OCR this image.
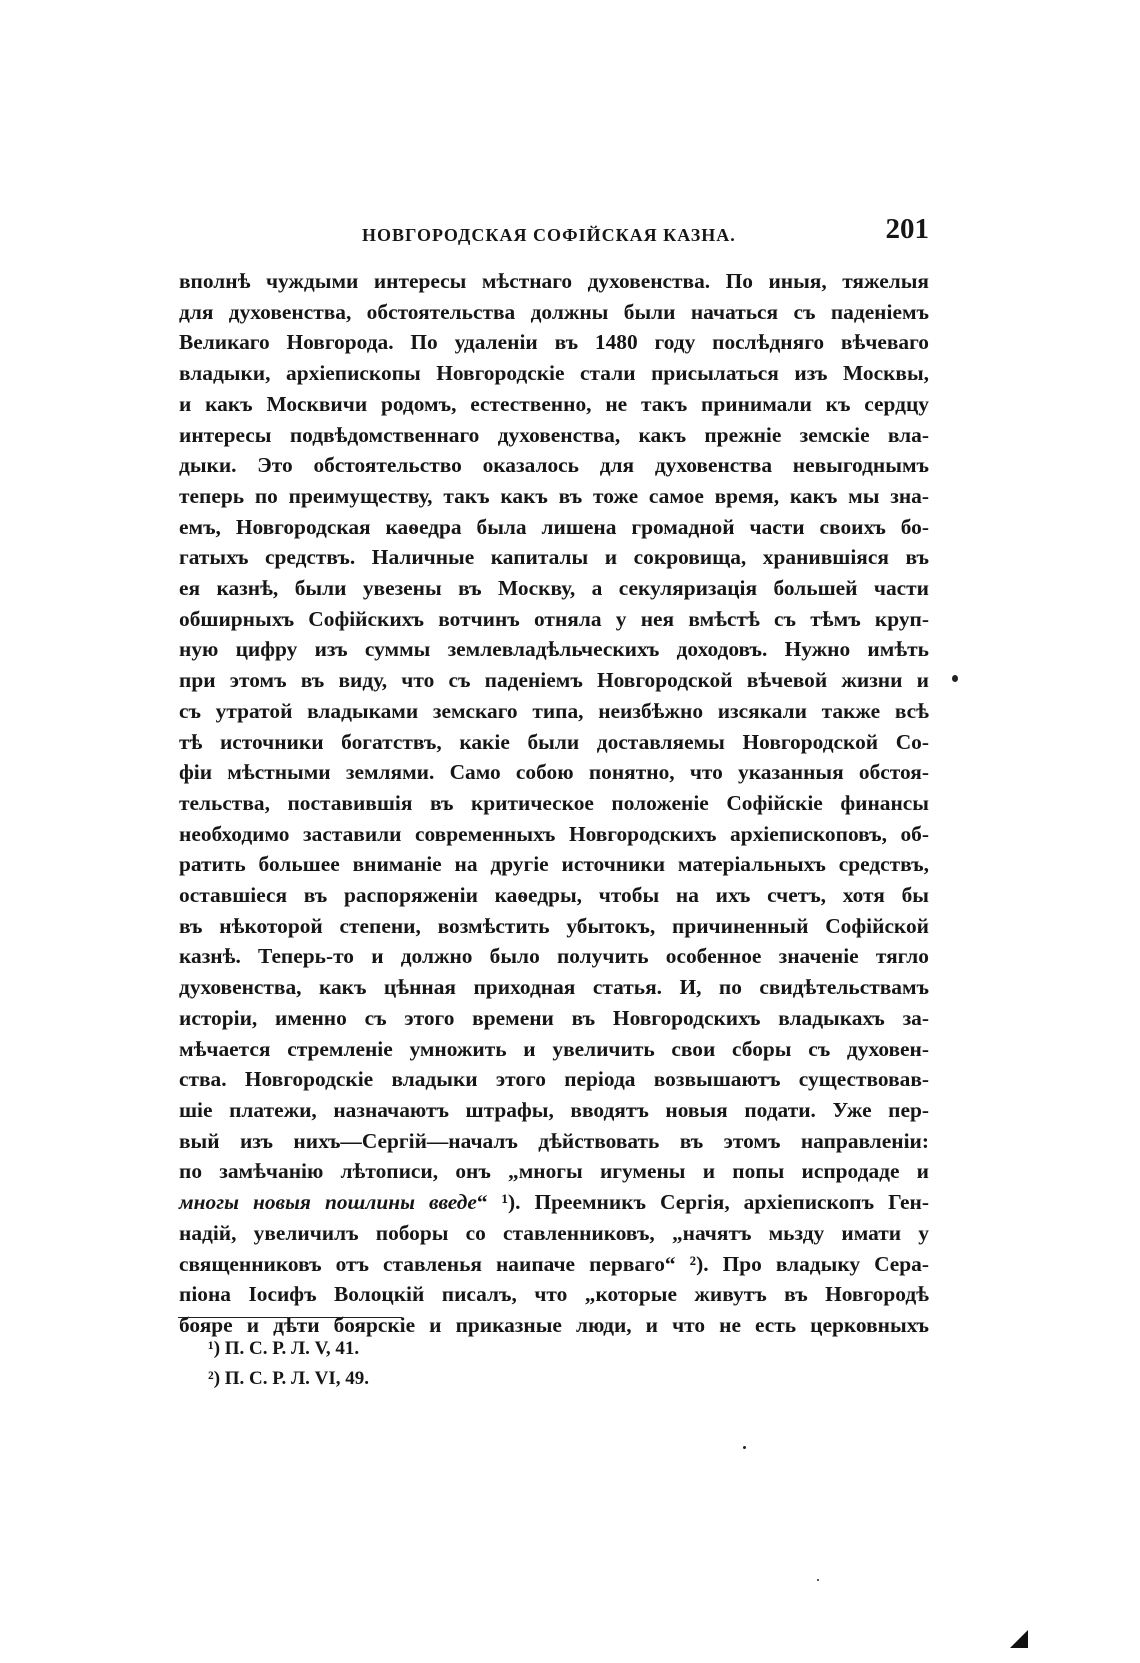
НОВГОРОДСКАЯ СОФІЙСКАЯ КАЗНА.	201
вполнѣ чуждыми интересы мѣстнаго духовенства. По иныя, тяжелыя
для духовенства, обстоятельства должны были начаться съ паденіемъ
Великаго Новгорода. По удаленіи въ 1480 году послѣдняго вѣчеваго
владыки, архіепископы Новгородскіе стали присылаться изъ Москвы,
и какъ Москвичи родомъ, естественно, не такъ принимали къ сердцу
интересы подвѣдомственнаго духовенства, какъ прежніе земскіе вла-
дыки. Это обстоятельство оказалось для духовенства невыгоднымъ
теперь по преимуществу, такъ какъ въ тоже самое время, какъ мы зна-
емъ, Новгородская каѳедра была лишена громадной части своихъ бо-
гатыхъ средствъ. Наличные капиталы и сокровища, хранившіяся въ
ея казнѣ, были увезены въ Москву, а секуляризація большей части
обширныхъ Софійскихъ вотчинъ отняла у нея вмѣстѣ съ тѣмъ круп-
ную цифру изъ суммы землевладѣльческихъ доходовъ. Нужно имѣть
при этомъ въ виду, что съ паденіемъ Новгородской вѣчевой жизни и
съ утратой владыками земскаго типа, неизбѣжно изсякали также всѣ
тѣ источники богатствъ, какіе были доставляемы Новгородской Со-
фіи мѣстными землями. Само собою понятно, что указанныя обстоя-
тельства, поставившія въ критическое положеніе Софійскіе финансы
необходимо заставили современныхъ Новгородскихъ архіепископовъ, об-
ратить большее вниманіе на другіе источники матеріальныхъ средствъ,
оставшіеся въ распоряженіи каѳедры, чтобы на ихъ счетъ, хотя бы
въ нѣкоторой степени, возмѣстить убытокъ, причиненный Софійской
казнѣ. Теперь-то и должно было получить особенное значеніе тягло
духовенства, какъ цѣнная приходная статья. И, по свидѣтельствамъ
исторіи, именно съ этого времени въ Новгородскихъ владыкахъ за-
мѣчается стремленіе умножить и увеличить свои сборы съ духовен-
ства. Новгородскіе владыки этого періода возвышаютъ существовав-
шіе платежи, назначаютъ штрафы, вводятъ новыя подати. Уже пер-
вый изъ нихъ—Сергій—началъ дѣйствовать въ этомъ направленіи:
по замѣчанію лѣтописи, онъ „многы игумены и попы испродаде и
многы новыя пошлины введе“ ¹). Преемникъ Сергія, архіепископъ Ген-
надій, увеличилъ поборы со ставленниковъ, „начятъ мьзду имати у
священниковъ отъ ставленья наипаче перваго“ ²). Про владыку Сера-
піона Іосифъ Волоцкій писалъ, что „которые живутъ въ Новгородѣ
бояре и дѣти боярскіе и приказные люди, и что не есть церковныхъ
¹) П. С. Р. Л. V, 41.
²) П. С. Р. Л. VI, 49.
